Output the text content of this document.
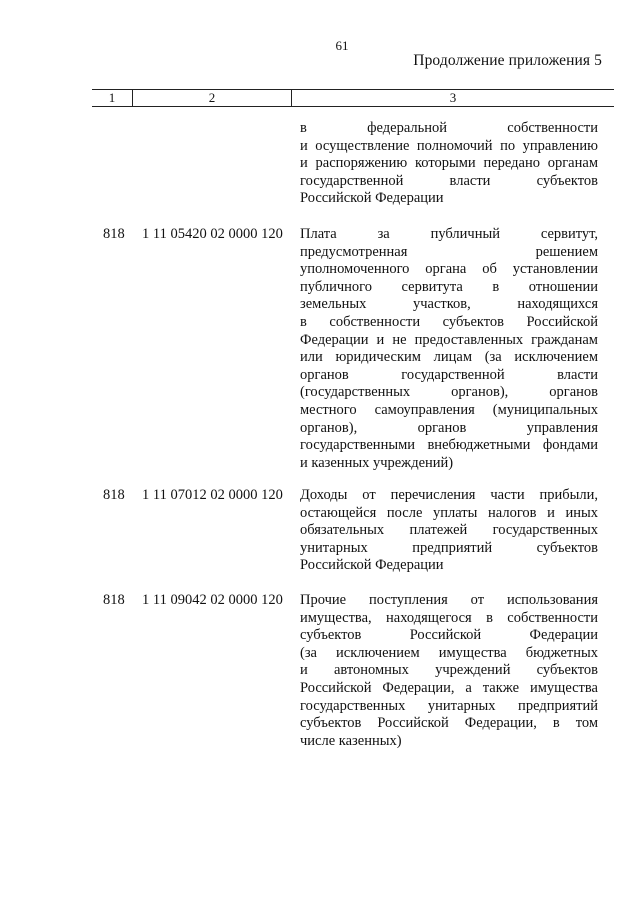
61
Продолжение приложения 5
1	2	3
в федеральной собственности
и осуществление полномочий по управлению
и распоряжению которыми передано органам
государственной власти субъектов
Российской Федерации
818 1 11 05420 02 0000 120 Плата за публичный сервитут,
предусмотренная решением
уполномоченного органа об установлении
публичного сервитута в отношении
земельных участков, находящихся
в собственности субъектов Российской
Федерации и не предоставленных гражданам
или юридическим лицам (за исключением
органов государственной власти
(государственных органов), органов
местного самоуправления (муниципальных
органов), органов управления
государственными внебюджетными фондами
и казенных учреждений)
818 1 11 07012 02 0000 120 Доходы от перечисления части прибыли,
остающейся после уплаты налогов и иных
обязательных платежей государственных
унитарных предприятий субъектов
Российской Федерации
818 1 11 09042 02 0000 120 Прочие поступления от использования
имущества, находящегося в собственности
субъектов Российской Федерации
(за исключением имущества бюджетных
и автономных учреждений субъектов
Российской Федерации, а также имущества
государственных унитарных предприятий
субъектов Российской Федерации, в том
числе казенных)
